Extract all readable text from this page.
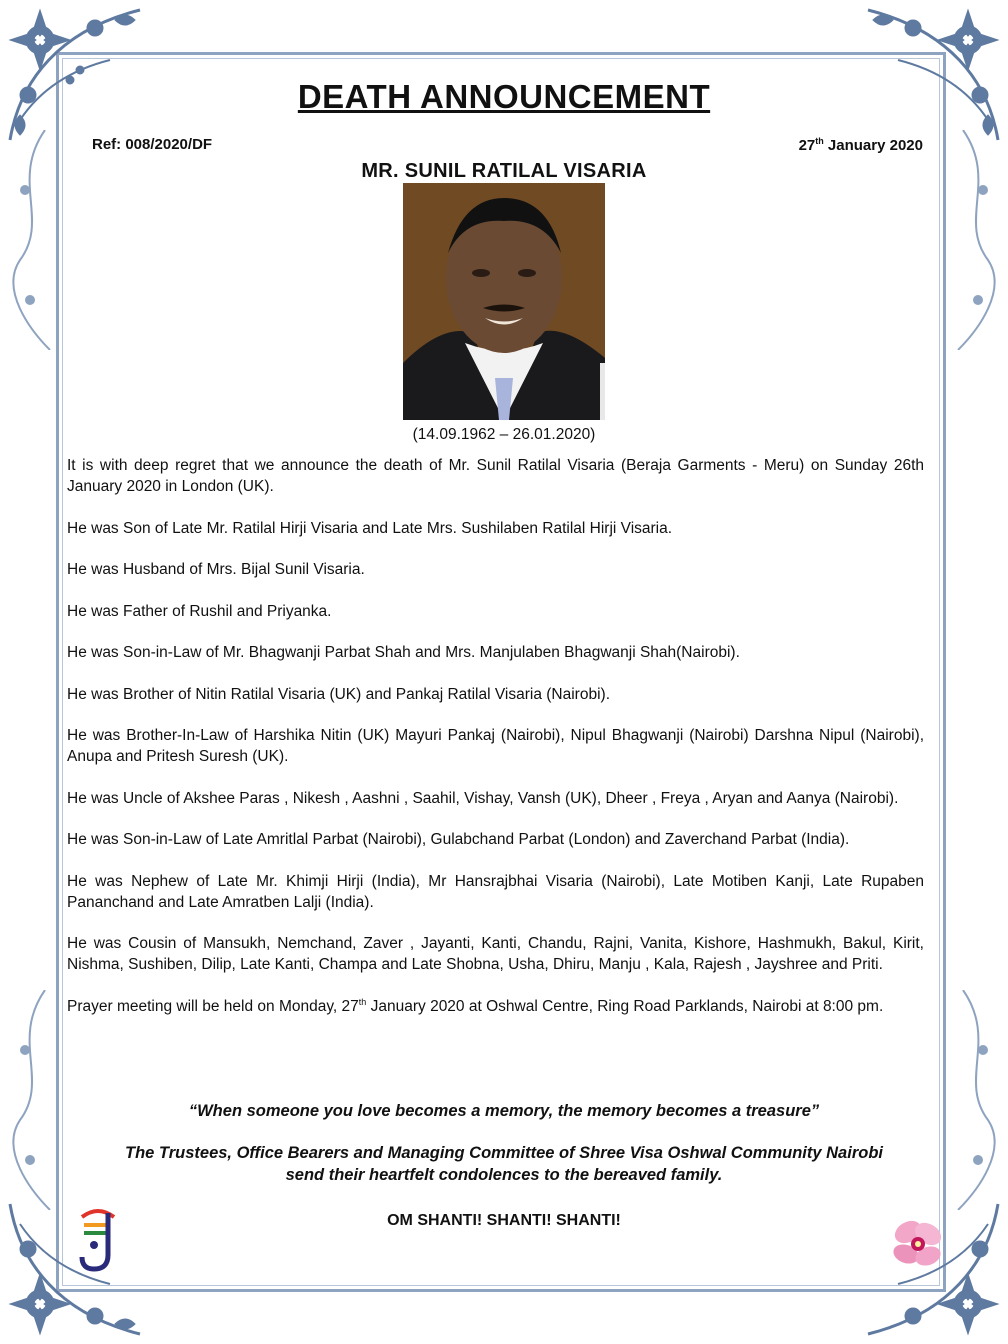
DEATH ANNOUNCEMENT
Ref: 008/2020/DF	27th January 2020
MR. SUNIL RATILAL VISARIA
(14.09.1962 – 26.01.2020)

It is with deep regret that we announce the death of Mr. Sunil Ratilal Visaria (Beraja Garments - Meru) on Sunday 26th January 2020 in London (UK).

He was Son of Late Mr. Ratilal Hirji Visaria and Late Mrs. Sushilaben Ratilal Hirji Visaria.

He was Husband of Mrs. Bijal Sunil Visaria.

He was Father of Rushil and Priyanka.

He was Son-in-Law of Mr. Bhagwanji Parbat Shah and Mrs. Manjulaben Bhagwanji Shah(Nairobi).

He was Brother of Nitin Ratilal Visaria (UK) and Pankaj Ratilal Visaria (Nairobi).

He was Brother-In-Law of Harshika Nitin (UK) Mayuri Pankaj (Nairobi), Nipul Bhagwanji (Nairobi) Darshna Nipul (Nairobi), Anupa and Pritesh Suresh (UK).

He was Uncle of Akshee Paras , Nikesh , Aashni , Saahil, Vishay, Vansh (UK), Dheer , Freya , Aryan and Aanya (Nairobi).

He was Son-in-Law of Late Amritlal Parbat (Nairobi), Gulabchand Parbat (London) and Zaverchand Parbat (India).

He was Nephew of Late Mr. Khimji Hirji (India), Mr Hansrajbhai Visaria (Nairobi), Late Motiben Kanji, Late Rupaben Pananchand and Late Amratben Lalji (India).

He was Cousin of Mansukh, Nemchand, Zaver , Jayanti, Kanti, Chandu, Rajni, Vanita, Kishore, Hashmukh, Bakul, Kirit, Nishma, Sushiben, Dilip, Late Kanti, Champa and Late Shobna, Usha, Dhiru, Manju , Kala, Rajesh , Jayshree and Priti.

Prayer meeting will be held on Monday, 27th January 2020 at Oshwal Centre, Ring Road Parklands, Nairobi at 8:00 pm.

“When someone you love becomes a memory, the memory becomes a treasure”
The Trustees, Office Bearers and Managing Committee of Shree Visa Oshwal Community Nairobi
send their heartfelt condolences to the bereaved family.
OM SHANTI! SHANTI! SHANTI!
